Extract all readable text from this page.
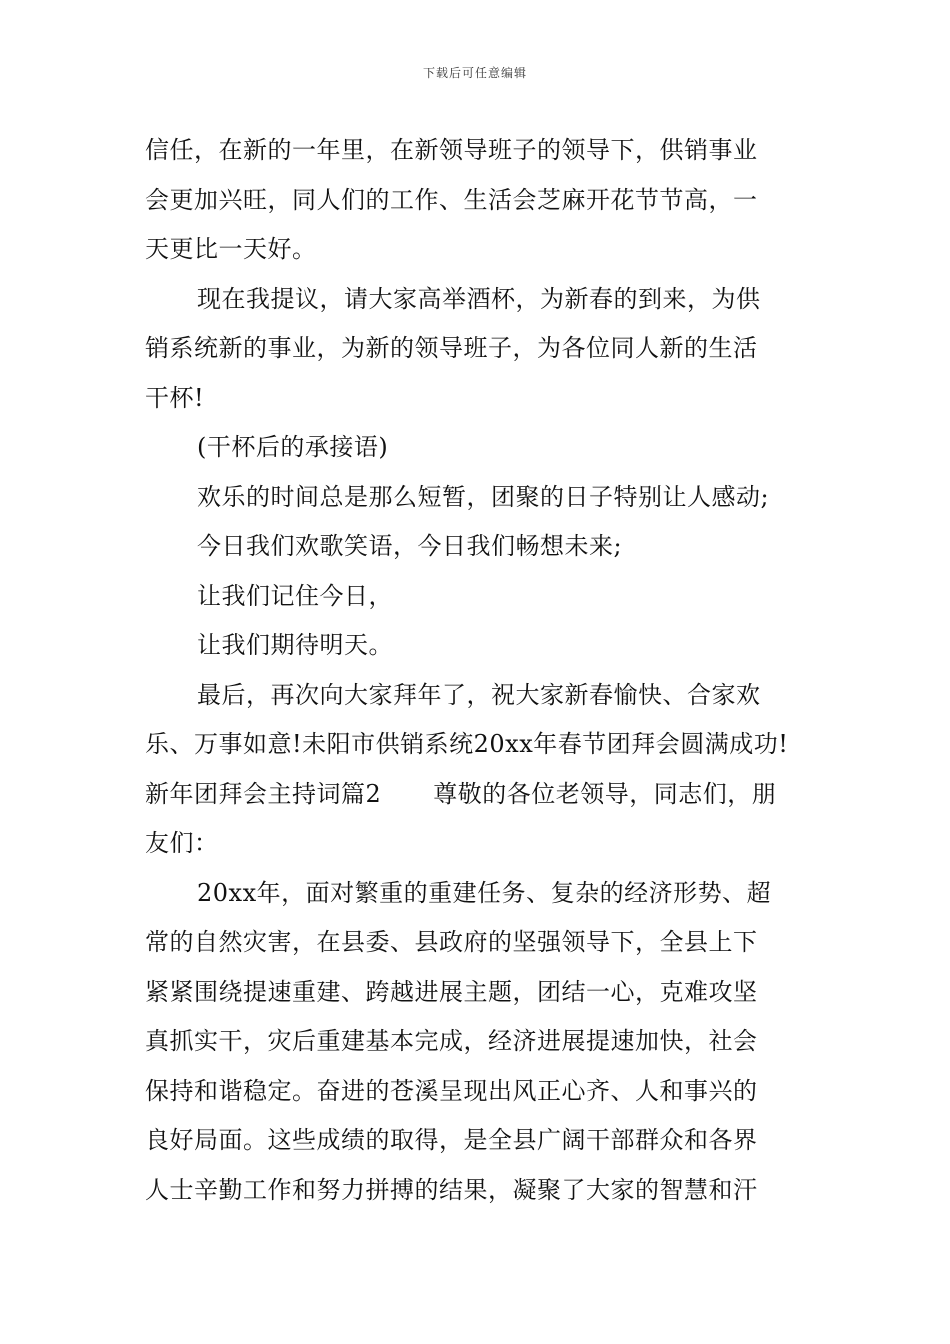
下载后可任意编辑
信任，在新的一年里，在新领导班子的领导下，供销事业
会更加兴旺，同人们的工作、生活会芝麻开花节节高，一
天更比一天好。
现在我提议，请大家高举酒杯，为新春的到来，为供
销系统新的事业，为新的领导班子，为各位同人新的生活
干杯!
(干杯后的承接语)
欢乐的时间总是那么短暂，团聚的日子特别让人感动;
今日我们欢歌笑语，今日我们畅想未来;
让我们记住今日，
让我们期待明天。
最后，再次向大家拜年了，祝大家新春愉快、合家欢
乐、万事如意!未阳市供销系统20xx年春节团拜会圆满成功!
新年团拜会主持词篇2 尊敬的各位老领导，同志们，朋
友们：
20xx年，面对繁重的重建任务、复杂的经济形势、超
常的自然灾害，在县委、县政府的坚强领导下，全县上下
紧紧围绕提速重建、跨越进展主题，团结一心，克难攻坚
真抓实干，灾后重建基本完成，经济进展提速加快，社会
保持和谐稳定。奋进的苍溪呈现出风正心齐、人和事兴的
良好局面。这些成绩的取得，是全县广阔干部群众和各界
人士辛勤工作和努力拼搏的结果，凝聚了大家的智慧和汗
